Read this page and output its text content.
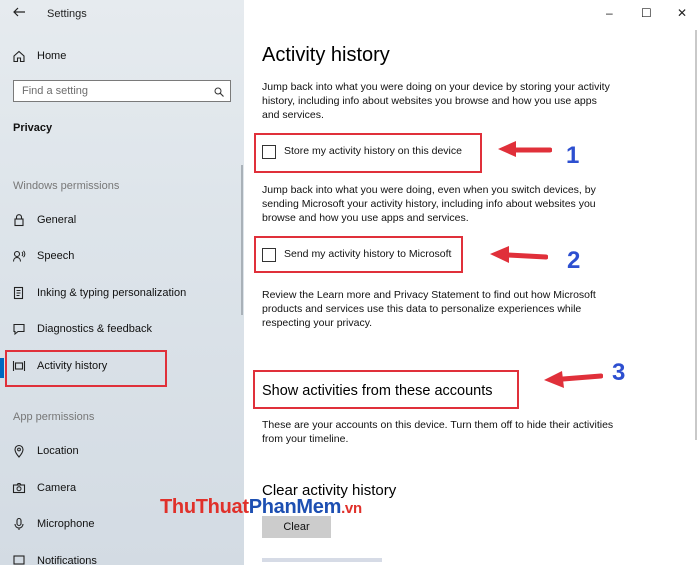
Settings
Home
Find a setting
Privacy
Windows permissions
General
Speech
Inking & typing personalization
Diagnostics & feedback
Activity history
App permissions
Location
Camera
Microphone
Notifications
– ☐ ✕
Activity history
Jump back into what you were doing on your device by storing your activity history, including info about websites you browse and how you use apps and services.
Store my activity history on this device
Jump back into what you were doing, even when you switch devices, by sending Microsoft your activity history, including info about websites you browse and how you use apps and services.
Send my activity history to Microsoft
Review the Learn more and Privacy Statement to find out how Microsoft products and services use this data to personalize experiences while respecting your privacy.
Show activities from these accounts
These are your accounts on this device. Turn them off to hide their activities from your timeline.
Clear activity history
Clear
1
2
3
ThuThuatPhanMem.vn
